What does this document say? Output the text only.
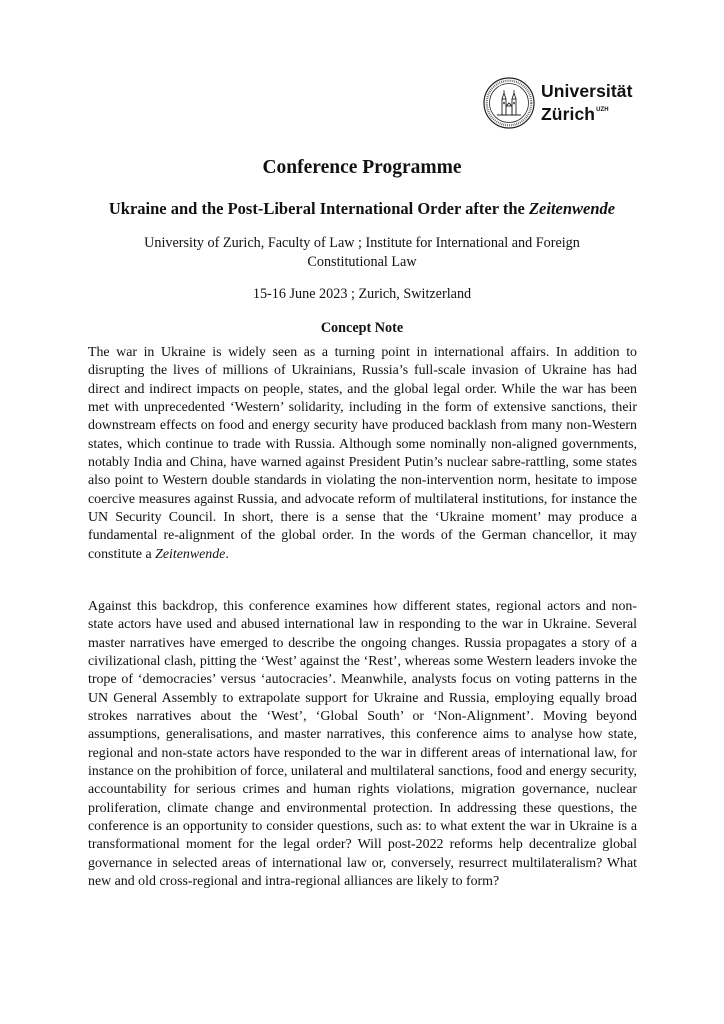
Universität
Zürich$^{UZH}$
Conference Programme
Ukraine and the Post-Liberal International Order after the Zeitenwende

University of Zurich, Faculty of Law ; Institute for International and Foreign Constitutional Law

15-16 June 2023 ; Zurich, Switzerland

Concept Note

The war in Ukraine is widely seen as a turning point in international affairs. In addition to disrupting the lives of millions of Ukrainians, Russia’s full-scale invasion of Ukraine has had direct and indirect impacts on people, states, and the global legal order. While the war has been met with unprecedented ‘Western’ solidarity, including in the form of extensive sanctions, their downstream effects on food and energy security have produced backlash from many non-Western states, which continue to trade with Russia. Although some nominally non-aligned governments, notably India and China, have warned against President Putin’s nuclear sabre-rattling, some states also point to Western double standards in violating the non-intervention norm, hesitate to impose coercive measures against Russia, and advocate reform of multilateral institutions, for instance the UN Security Council. In short, there is a sense that the ‘Ukraine moment’ may produce a fundamental re-alignment of the global order. In the words of the German chancellor, it may constitute a Zeitenwende.

Against this backdrop, this conference examines how different states, regional actors and non-state actors have used and abused international law in responding to the war in Ukraine. Several master narratives have emerged to describe the ongoing changes. Russia propagates a story of a civilizational clash, pitting the ‘West’ against the ‘Rest’, whereas some Western leaders invoke the trope of ‘democracies’ versus ‘autocracies’. Meanwhile, analysts focus on voting patterns in the UN General Assembly to extrapolate support for Ukraine and Russia, employing equally broad strokes narratives about the ‘West’, ‘Global South’ or ‘Non-Alignment’. Moving beyond assumptions, generalisations, and master narratives, this conference aims to analyse how state, regional and non-state actors have responded to the war in different areas of international law, for instance on the prohibition of force, unilateral and multilateral sanctions, food and energy security, accountability for serious crimes and human rights violations, migration governance, nuclear proliferation, climate change and environmental protection. In addressing these questions, the conference is an opportunity to consider questions, such as: to what extent the war in Ukraine is a transformational moment for the legal order? Will post-2022 reforms help decentralize global governance in selected areas of international law or, conversely, resurrect multilateralism? What new and old cross-regional and intra-regional alliances are likely to form?
